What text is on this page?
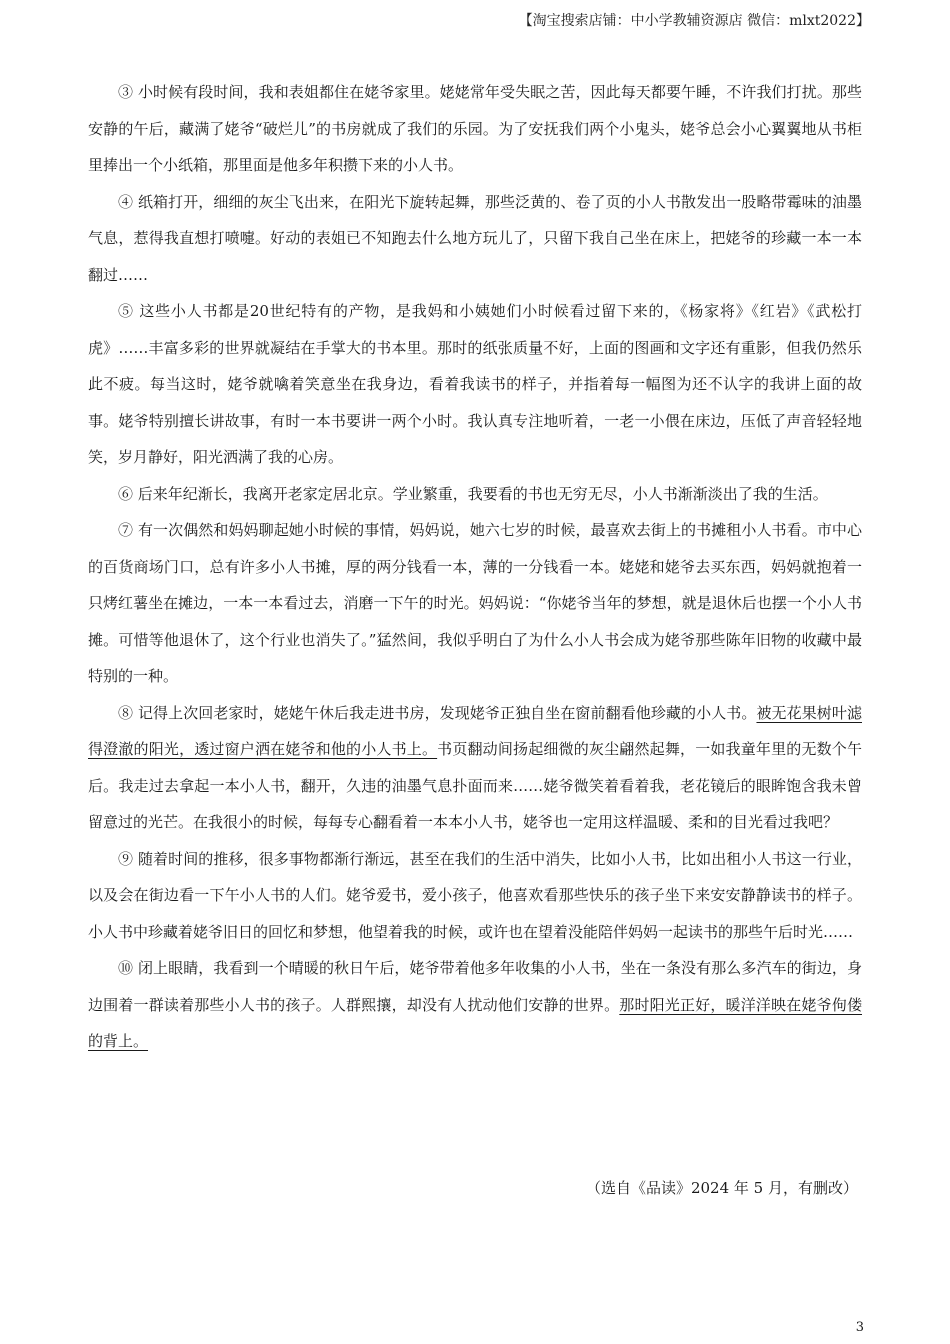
【淘宝搜索店铺：中小学教辅资源店 微信：mlxt2022】

③ 小时候有段时间，我和表姐都住在姥爷家里。姥姥常年受失眠之苦，因此每天都要午睡，不许我们打扰。那些安静的午后，藏满了姥爷“破烂儿”的书房就成了我们的乐园。为了安抚我们两个小鬼头，姥爷总会小心翼翼地从书柜里捧出一个小纸箱，那里面是他多年积攒下来的小人书。

④ 纸箱打开，细细的灰尘飞出来，在阳光下旋转起舞，那些泛黄的、卷了页的小人书散发出一股略带霉味的油墨气息，惹得我直想打喷嚏。好动的表姐已不知跑去什么地方玩儿了，只留下我自己坐在床上，把姥爷的珍藏一本一本翻过……

⑤ 这些小人书都是20世纪特有的产物，是我妈和小姨她们小时候看过留下来的，《杨家将》《红岩》《武松打虎》……丰富多彩的世界就凝结在手掌大的书本里。那时的纸张质量不好，上面的图画和文字还有重影，但我仍然乐此不疲。每当这时，姥爷就噙着笑意坐在我身边，看着我读书的样子，并指着每一幅图为还不认字的我讲上面的故事。姥爷特别擅长讲故事，有时一本书要讲一两个小时。我认真专注地听着，一老一小偎在床边，压低了声音轻轻地笑，岁月静好，阳光洒满了我的心房。

⑥ 后来年纪渐长，我离开老家定居北京。学业繁重，我要看的书也无穷无尽，小人书渐渐淡出了我的生活。

⑦ 有一次偶然和妈妈聊起她小时候的事情，妈妈说，她六七岁的时候，最喜欢去街上的书摊租小人书看。市中心的百货商场门口，总有许多小人书摊，厚的两分钱看一本，薄的一分钱看一本。姥姥和姥爷去买东西，妈妈就抱着一只烤红薯坐在摊边，一本一本看过去，消磨一下午的时光。妈妈说：“你姥爷当年的梦想，就是退休后也摆一个小人书摊。可惜等他退休了，这个行业也消失了。”猛然间，我似乎明白了为什么小人书会成为姥爷那些陈年旧物的收藏中最特别的一种。

⑧ 记得上次回老家时，姥姥午休后我走进书房，发现姥爷正独自坐在窗前翻看他珍藏的小人书。被无花果树叶滤得澄澈的阳光，透过窗户洒在姥爷和他的小人书上。书页翻动间扬起细微的灰尘翩然起舞，一如我童年里的无数个午后。我走过去拿起一本小人书，翻开，久违的油墨气息扑面而来……姥爷微笑着看着我，老花镜后的眼眸饱含我未曾留意过的光芒。在我很小的时候，每每专心翻看着一本本小人书，姥爷也一定用这样温暖、柔和的目光看过我吧？

⑨ 随着时间的推移，很多事物都渐行渐远，甚至在我们的生活中消失，比如小人书，比如出租小人书这一行业，以及会在街边看一下午小人书的人们。姥爷爱书，爱小孩子，他喜欢看那些快乐的孩子坐下来安安静静读书的样子。小人书中珍藏着姥爷旧日的回忆和梦想，他望着我的时候，或许也在望着没能陪伴妈妈一起读书的那些午后时光……

⑩ 闭上眼睛，我看到一个晴暖的秋日午后，姥爷带着他多年收集的小人书，坐在一条没有那么多汽车的街边，身边围着一群读着那些小人书的孩子。人群熙攘，却没有人扰动他们安静的世界。那时阳光正好，暖洋洋映在姥爷佝偻的背上。

（选自《品读》2024 年 5 月，有删改）
3
